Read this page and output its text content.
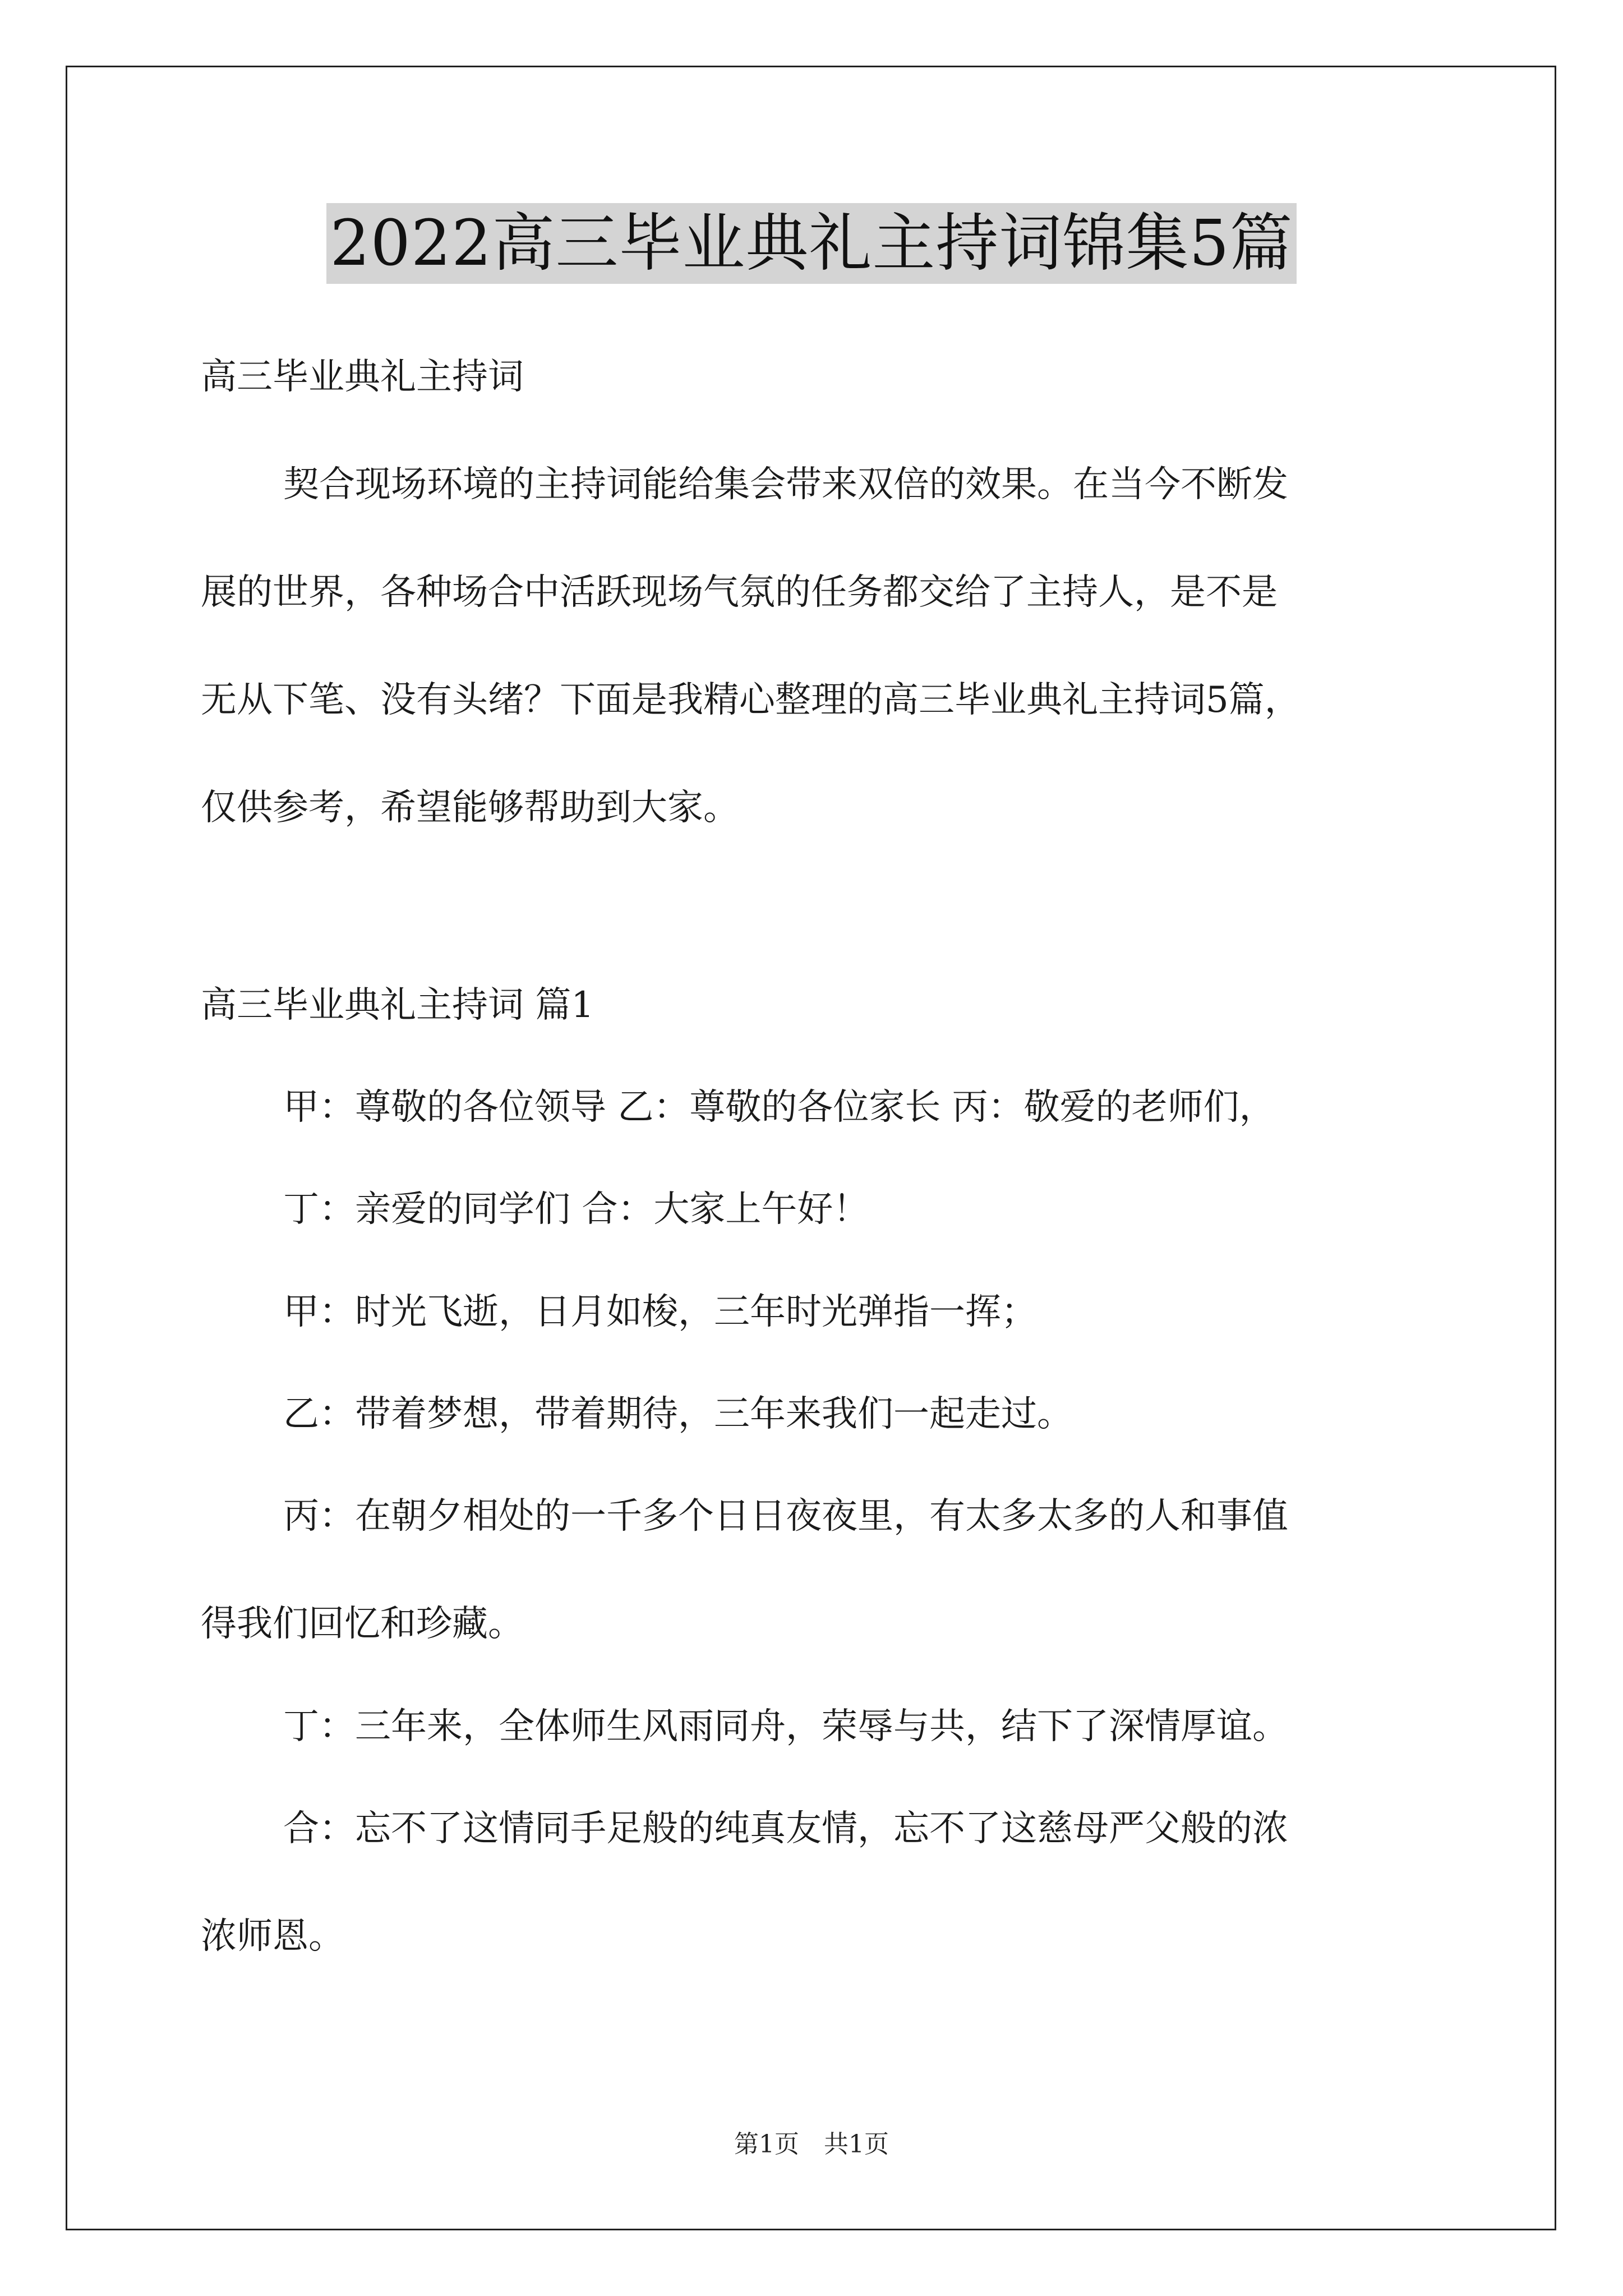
2022高三毕业典礼主持词锦集5篇
高三毕业典礼主持词
契合现场环境的主持词能给集会带来双倍的效果。在当今不断发
展的世界，各种场合中活跃现场气氛的任务都交给了主持人，是不是
无从下笔、没有头绪？下面是我精心整理的高三毕业典礼主持词5篇，
仅供参考，希望能够帮助到大家。
高三毕业典礼主持词 篇1
甲：尊敬的各位领导 乙：尊敬的各位家长 丙：敬爱的老师们，
丁：亲爱的同学们 合：大家上午好！
甲：时光飞逝，日月如梭，三年时光弹指一挥；
乙：带着梦想，带着期待，三年来我们一起走过。
丙：在朝夕相处的一千多个日日夜夜里，有太多太多的人和事值
得我们回忆和珍藏。
丁：三年来，全体师生风雨同舟，荣辱与共，结下了深情厚谊。
合：忘不了这情同手足般的纯真友情，忘不了这慈母严父般的浓
浓师恩。
第1页　共1页
